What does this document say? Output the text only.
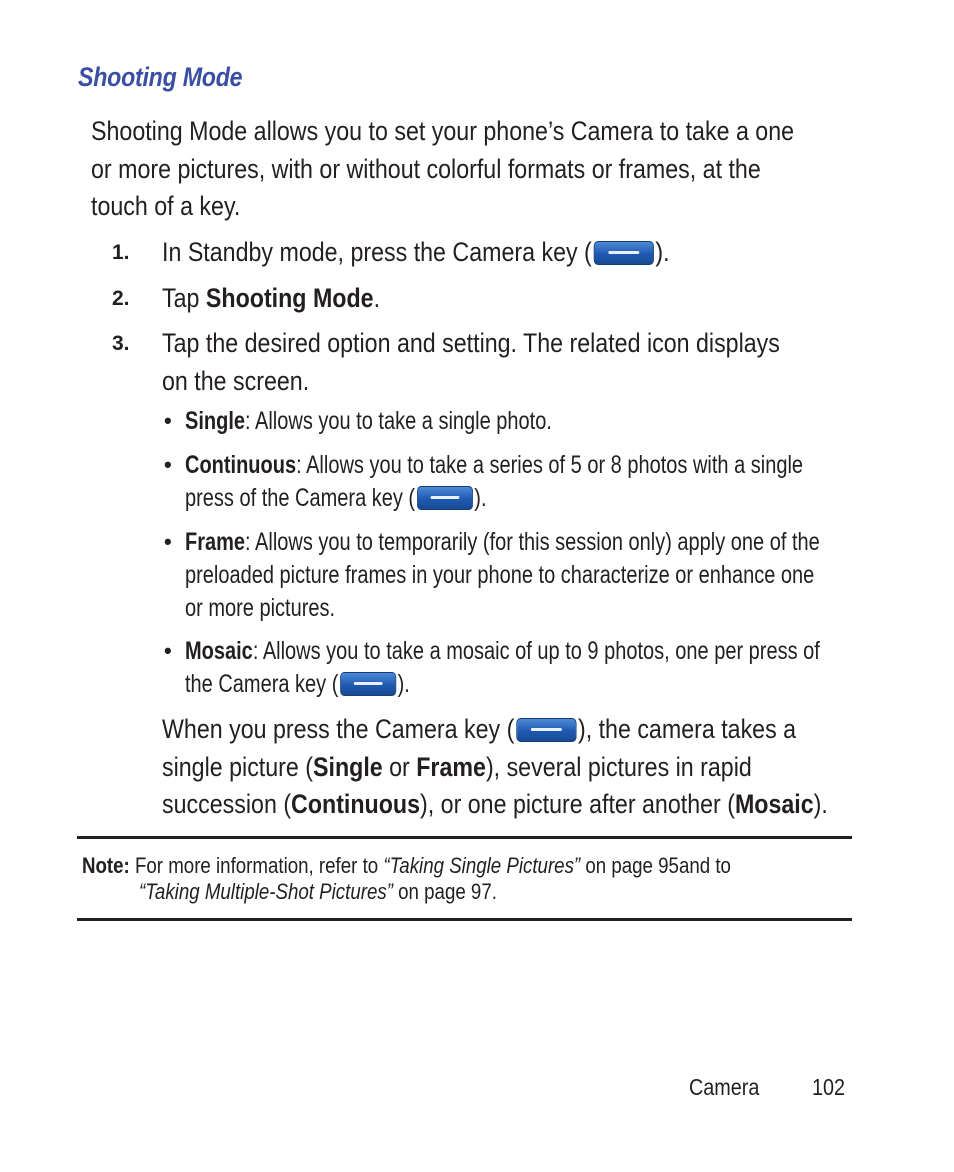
Shooting Mode
Shooting Mode allows you to set your phone’s Camera to take a one
or more pictures, with or without colorful formats or frames, at the
touch of a key.
1. In Standby mode, press the Camera key ( ).
2. Tap Shooting Mode.
3. Tap the desired option and setting. The related icon displays
on the screen.
• Single: Allows you to take a single photo.
• Continuous: Allows you to take a series of 5 or 8 photos with a single
press of the Camera key ( ).
• Frame: Allows you to temporarily (for this session only) apply one of the
preloaded picture frames in your phone to characterize or enhance one
or more pictures.
• Mosaic: Allows you to take a mosaic of up to 9 photos, one per press of
the Camera key ( ).
When you press the Camera key ( ), the camera takes a
single picture (Single or Frame), several pictures in rapid
succession (Continuous), or one picture after another (Mosaic).
Note: For more information, refer to “Taking Single Pictures” on page 95and to
“Taking Multiple-Shot Pictures” on page 97.
Camera	102
